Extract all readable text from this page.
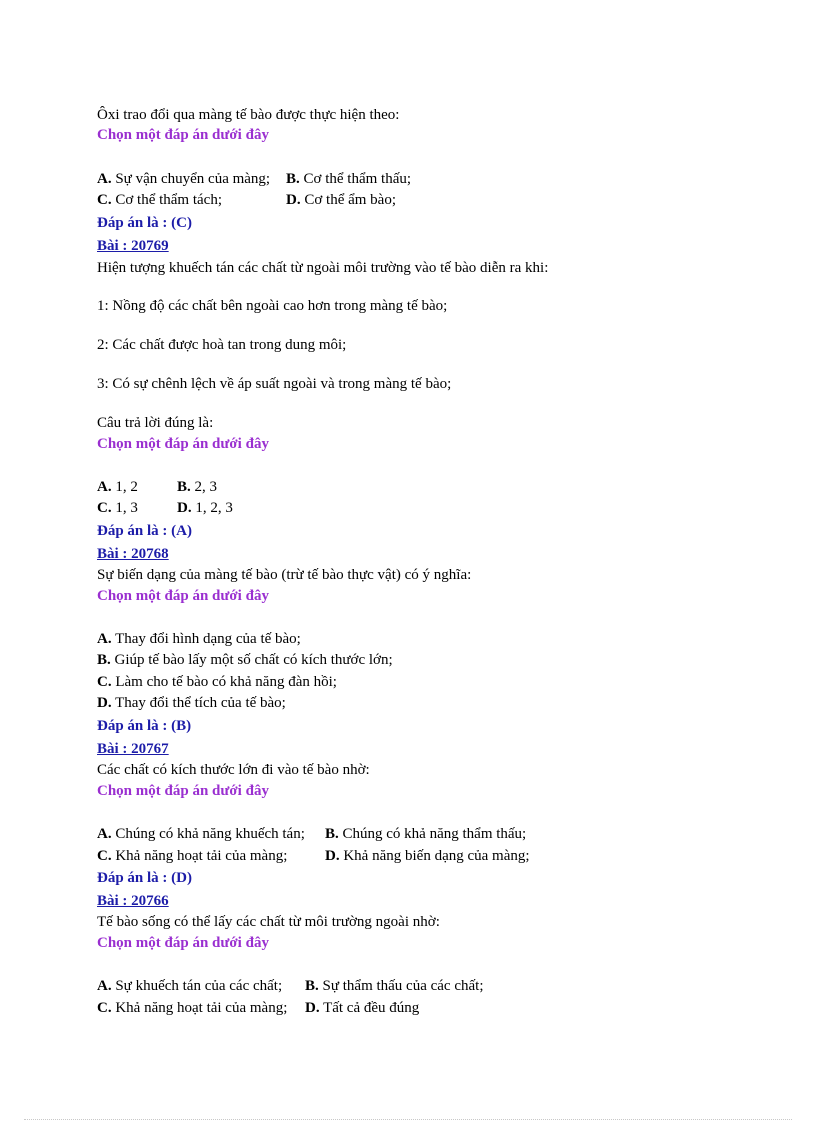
Ôxi trao đổi qua màng tế bào được thực hiện theo:
Chọn một đáp án dưới đây
A. Sự vận chuyển của màng; B. Cơ thể thẩm thấu;
C. Cơ thể thẩm tách;	D. Cơ thể ẩm bào;
Đáp án là : (C)
Bài : 20769
Hiện tượng khuếch tán các chất từ ngoài môi trường vào tế bào diễn ra khi:
1: Nồng độ các chất bên ngoài cao hơn trong màng tế bào;
2: Các chất được hoà tan trong dung môi;
3: Có sự chênh lệch về áp suất ngoài và trong màng tế bào;
Câu trả lời đúng là:
Chọn một đáp án dưới đây
A. 1, 2	B. 2, 3
C. 1, 3	D. 1, 2, 3
Đáp án là : (A)
Bài : 20768
Sự biến dạng của màng tế bào (trừ tế bào thực vật) có ý nghĩa:
Chọn một đáp án dưới đây
A. Thay đổi hình dạng của tế bào;
B. Giúp tế bào lấy một số chất có kích thước lớn;
C. Làm cho tế bào có khả năng đàn hồi;
D. Thay đổi thể tích của tế bào;
Đáp án là : (B)
Bài : 20767
Các chất có kích thước lớn đi vào tế bào nhờ:
Chọn một đáp án dưới đây
A. Chúng có khả năng khuếch tán; B. Chúng có khả năng thẩm thấu;
C. Khả năng hoạt tải của màng;	D. Khả năng biến dạng của màng;
Đáp án là : (D)
Bài : 20766
Tế bào sống có thể lấy các chất từ môi trường ngoài nhờ:
Chọn một đáp án dưới đây
A. Sự khuếch tán của các chất; B. Sự thẩm thấu của các chất;
C. Khả năng hoạt tải của màng; D. Tất cả đều đúng
